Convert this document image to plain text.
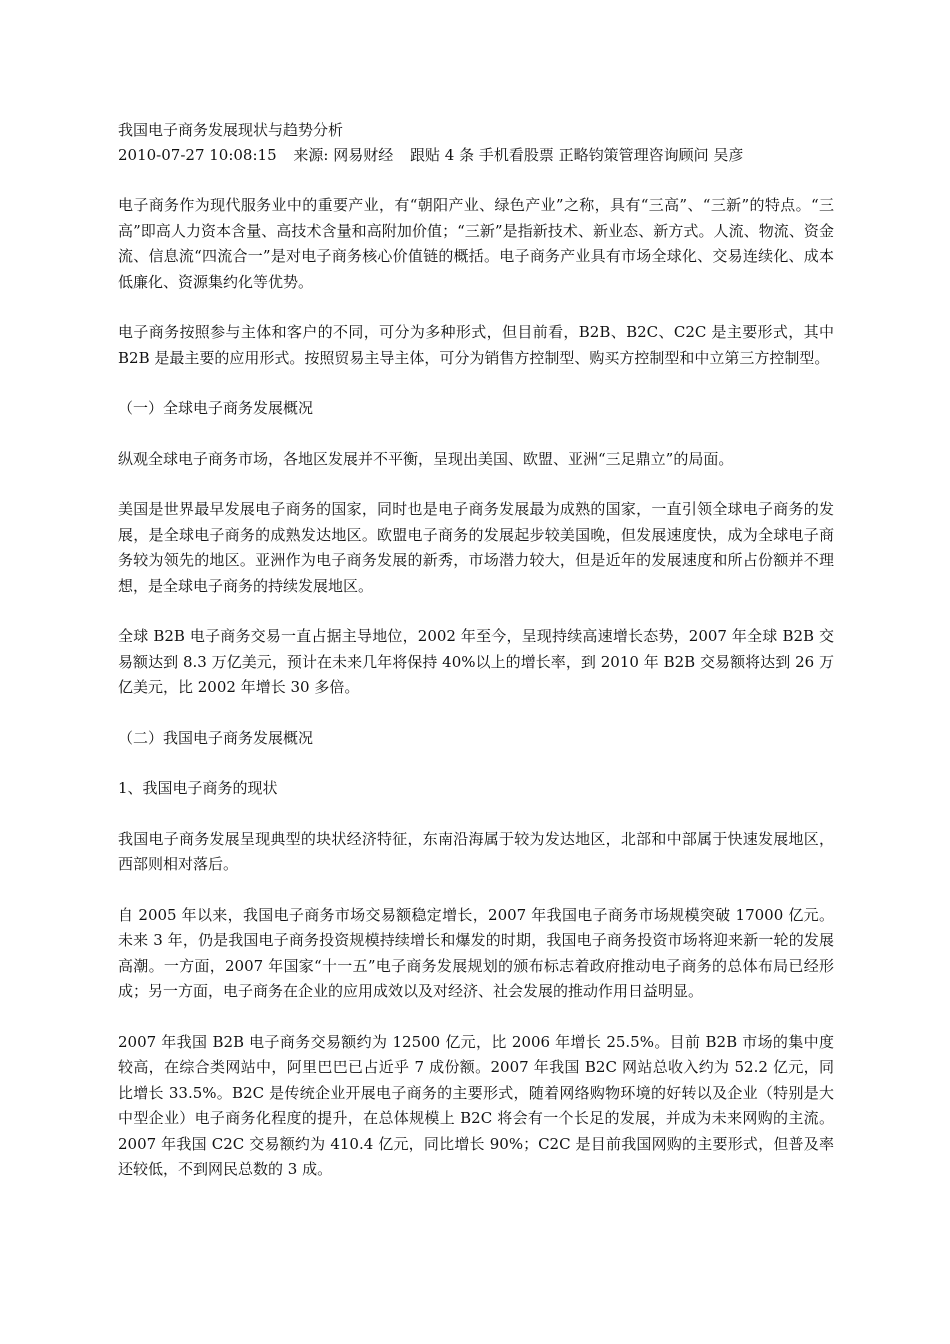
我国电子商务发展现状与趋势分析

2010-07-27 10:08:15 来源: 网易财经 跟贴 4 条 手机看股票 正略钧策管理咨询顾问 吴彦

电子商务作为现代服务业中的重要产业，有“朝阳产业、绿色产业”之称，具有“三高”、“三新”的特点。“三高”即高人力资本含量、高技术含量和高附加价值；“三新”是指新技术、新业态、新方式。人流、物流、资金流、信息流“四流合一”是对电子商务核心价值链的概括。电子商务产业具有市场全球化、交易连续化、成本低廉化、资源集约化等优势。

电子商务按照参与主体和客户的不同，可分为多种形式，但目前看，B2B、B2C、C2C 是主要形式，其中 B2B 是最主要的应用形式。按照贸易主导主体，可分为销售方控制型、购买方控制型和中立第三方控制型。

（一）全球电子商务发展概况

纵观全球电子商务市场，各地区发展并不平衡，呈现出美国、欧盟、亚洲“三足鼎立”的局面。

美国是世界最早发展电子商务的国家，同时也是电子商务发展最为成熟的国家，一直引领全球电子商务的发展，是全球电子商务的成熟发达地区。欧盟电子商务的发展起步较美国晚，但发展速度快，成为全球电子商务较为领先的地区。亚洲作为电子商务发展的新秀，市场潜力较大，但是近年的发展速度和所占份额并不理想，是全球电子商务的持续发展地区。

全球 B2B 电子商务交易一直占据主导地位，2002 年至今，呈现持续高速增长态势，2007 年全球 B2B 交易额达到 8.3 万亿美元，预计在未来几年将保持 40%以上的增长率，到 2010 年 B2B 交易额将达到 26 万亿美元，比 2002 年增长 30 多倍。

（二）我国电子商务发展概况

1、我国电子商务的现状

我国电子商务发展呈现典型的块状经济特征，东南沿海属于较为发达地区，北部和中部属于快速发展地区，西部则相对落后。

自 2005 年以来，我国电子商务市场交易额稳定增长，2007 年我国电子商务市场规模突破 17000 亿元。未来 3 年，仍是我国电子商务投资规模持续增长和爆发的时期，我国电子商务投资市场将迎来新一轮的发展高潮。一方面，2007 年国家“十一五”电子商务发展规划的颁布标志着政府推动电子商务的总体布局已经形成；另一方面，电子商务在企业的应用成效以及对经济、社会发展的推动作用日益明显。

2007 年我国 B2B 电子商务交易额约为 12500 亿元，比 2006 年增长 25.5%。目前 B2B 市场的集中度较高，在综合类网站中，阿里巴巴已占近乎 7 成份额。2007 年我国 B2C 网站总收入约为 52.2 亿元，同比增长 33.5%。B2C 是传统企业开展电子商务的主要形式，随着网络购物环境的好转以及企业（特别是大中型企业）电子商务化程度的提升，在总体规模上 B2C 将会有一个长足的发展，并成为未来网购的主流。2007 年我国 C2C 交易额约为 410.4 亿元，同比增长 90%；C2C 是目前我国网购的主要形式，但普及率还较低，不到网民总数的 3 成。
